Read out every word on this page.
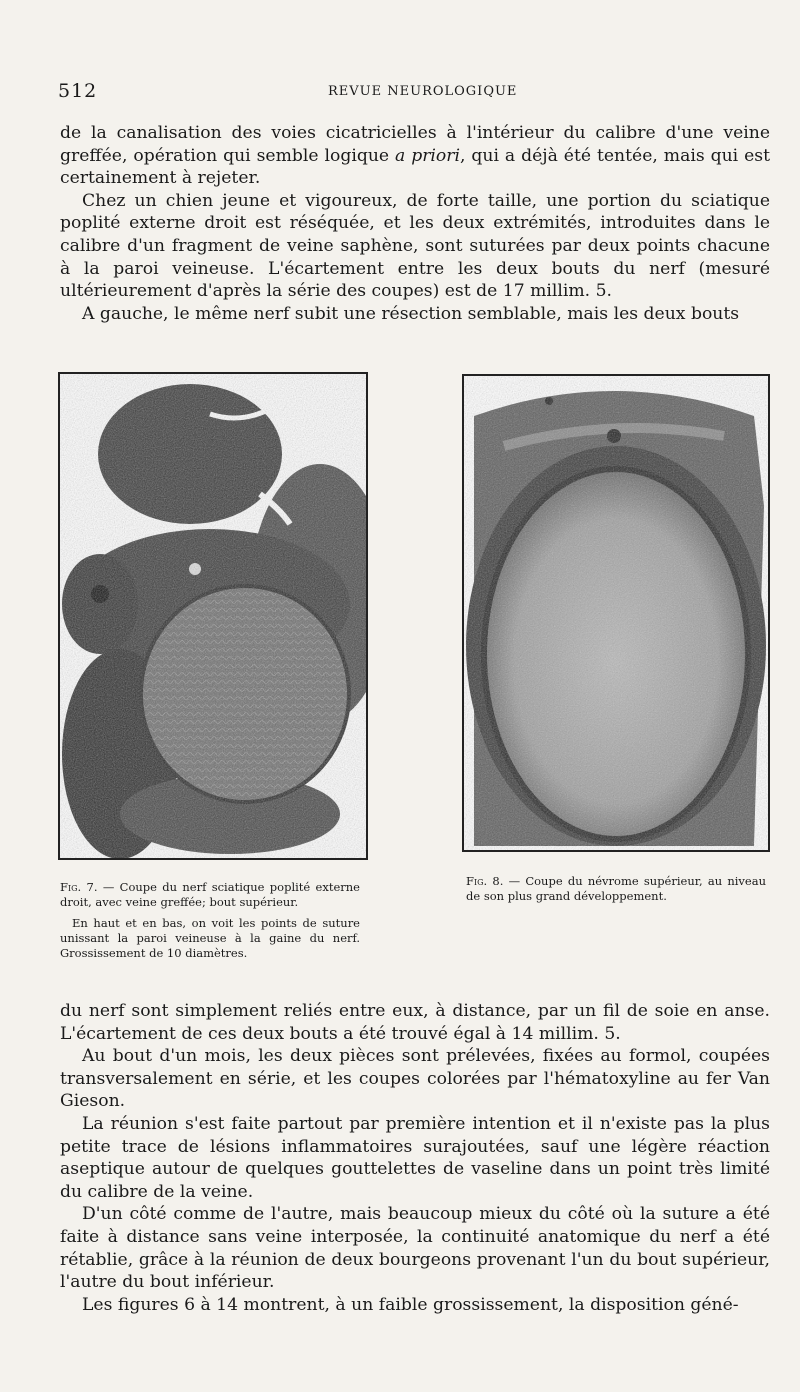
512	REVUE NEUROLOGIQUE

de la canalisation des voies cicatricielles à l'intérieur du calibre d'une veine greffée, opération qui semble logique a priori, qui a déjà été tentée, mais qui est certainement à rejeter.

Chez un chien jeune et vigoureux, de forte taille, une portion du sciatique poplité externe droit est réséquée, et les deux extrémités, introduites dans le calibre d'un fragment de veine saphène, sont suturées par deux points chacune à la paroi veineuse. L'écartement entre les deux bouts du nerf (mesuré ultérieurement d'après la série des coupes) est de 17 millim. 5.

A gauche, le même nerf subit une résection semblable, mais les deux bouts

Fig. 7. — Coupe du nerf sciatique poplité externe droit, avec veine greffée; bout supérieur.

En haut et en bas, on voit les points de suture unissant la paroi veineuse à la gaine du nerf. Grossissement de 10 diamètres.

Fig. 8. — Coupe du névrome supérieur, au niveau de son plus grand développement.

du nerf sont simplement reliés entre eux, à distance, par un fil de soie en anse. L'écartement de ces deux bouts a été trouvé égal à 14 millim. 5.

Au bout d'un mois, les deux pièces sont prélevées, fixées au formol, coupées transversalement en série, et les coupes colorées par l'hématoxyline au fer Van Gieson.

La réunion s'est faite partout par première intention et il n'existe pas la plus petite trace de lésions inflammatoires surajoutées, sauf une légère réaction aseptique autour de quelques gouttelettes de vaseline dans un point très limité du calibre de la veine.

D'un côté comme de l'autre, mais beaucoup mieux du côté où la suture a été faite à distance sans veine interposée, la continuité anatomique du nerf a été rétablie, grâce à la réunion de deux bourgeons provenant l'un du bout supérieur, l'autre du bout inférieur.

Les figures 6 à 14 montrent, à un faible grossissement, la disposition géné-
